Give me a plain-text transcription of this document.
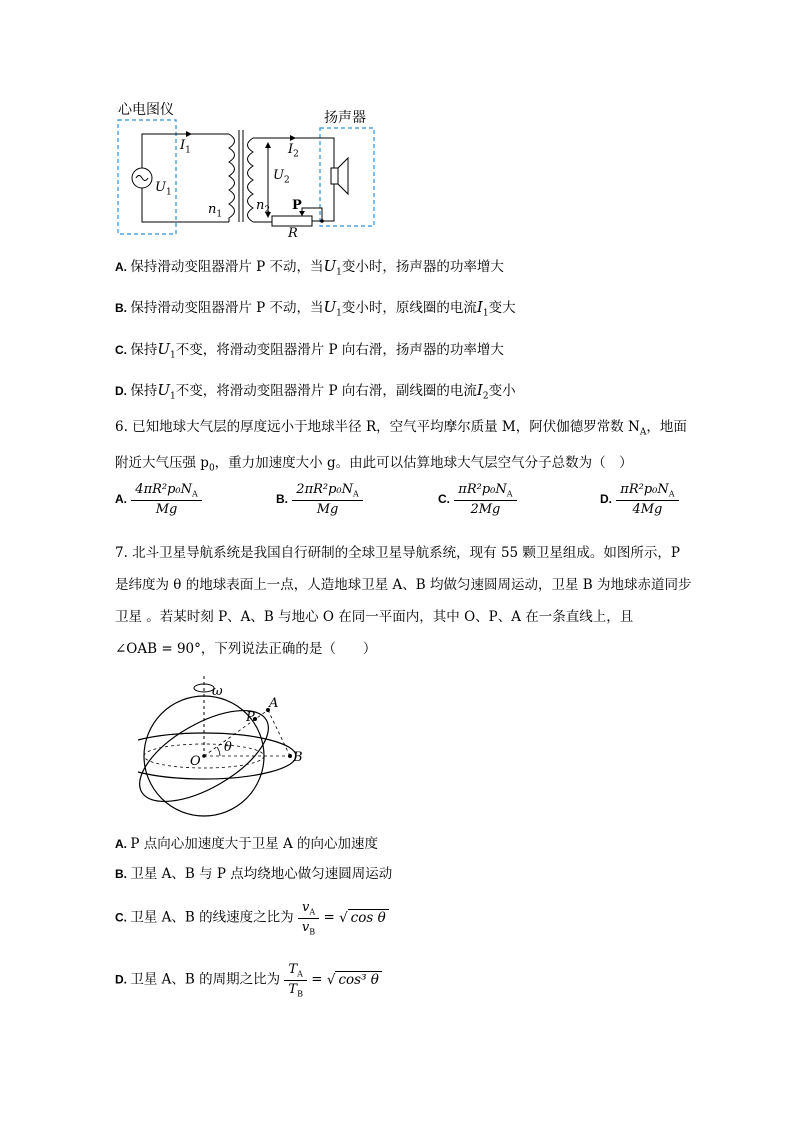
心电图仪	扬声器
$I_1$
$U_1$
$n_1$
$I_2$
$U_2$
$n_2$ P
R
A. 保持滑动变阻器滑片 P 不动，当$U_1$变小时，扬声器的功率增大
B. 保持滑动变阻器滑片 P 不动，当$U_1$变小时，原线圈的电流$I_1$变大
C. 保持$U_1$不变，将滑动变阻器滑片 P 向右滑，扬声器的功率增大
D. 保持$U_1$不变，将滑动变阻器滑片 P 向右滑，副线圈的电流$I_2$变小
6. 已知地球大气层的厚度远小于地球半径 R，空气平均摩尔质量 M，阿伏伽德罗常数 $N_A$，地面
附近大气压强 $p_0$，重力加速度大小 g。由此可以估算地球大气层空气分子总数为（　）
A. $\frac{4\pi R^2p_0N_A}{Mg}$	B. $\frac{2\pi R^2p_0N_A}{Mg}$	C. $\frac{\pi R^2p_0N_A}{2Mg}$	D. $\frac{\pi R^2p_0N_A}{4Mg}$
7. 北斗卫星导航系统是我国自行研制的全球卫星导航系统，现有 55 颗卫星组成。如图所示，P
是纬度为 θ 的地球表面上一点，人造地球卫星 A、B 均做匀速圆周运动，卫星 B 为地球赤道同步
卫星 。若某时刻 P、A、B 与地心 O 在同一平面内，其中 O、P、A 在一条直线上，且
∠OAB = 90°，下列说法正确的是（　　）
ω
A
P
θ
O	B
A. P 点向心加速度大于卫星 A 的向心加速度
B. 卫星 A、B 与 P 点均绕地心做匀速圆周运动
C. 卫星 A、B 的线速度之比为 $\frac{v_A}{v_B}$ = √ cos θ
D. 卫星 A、B 的周期之比为 $\frac{T_A}{T_B}$ = √ cos³ θ
